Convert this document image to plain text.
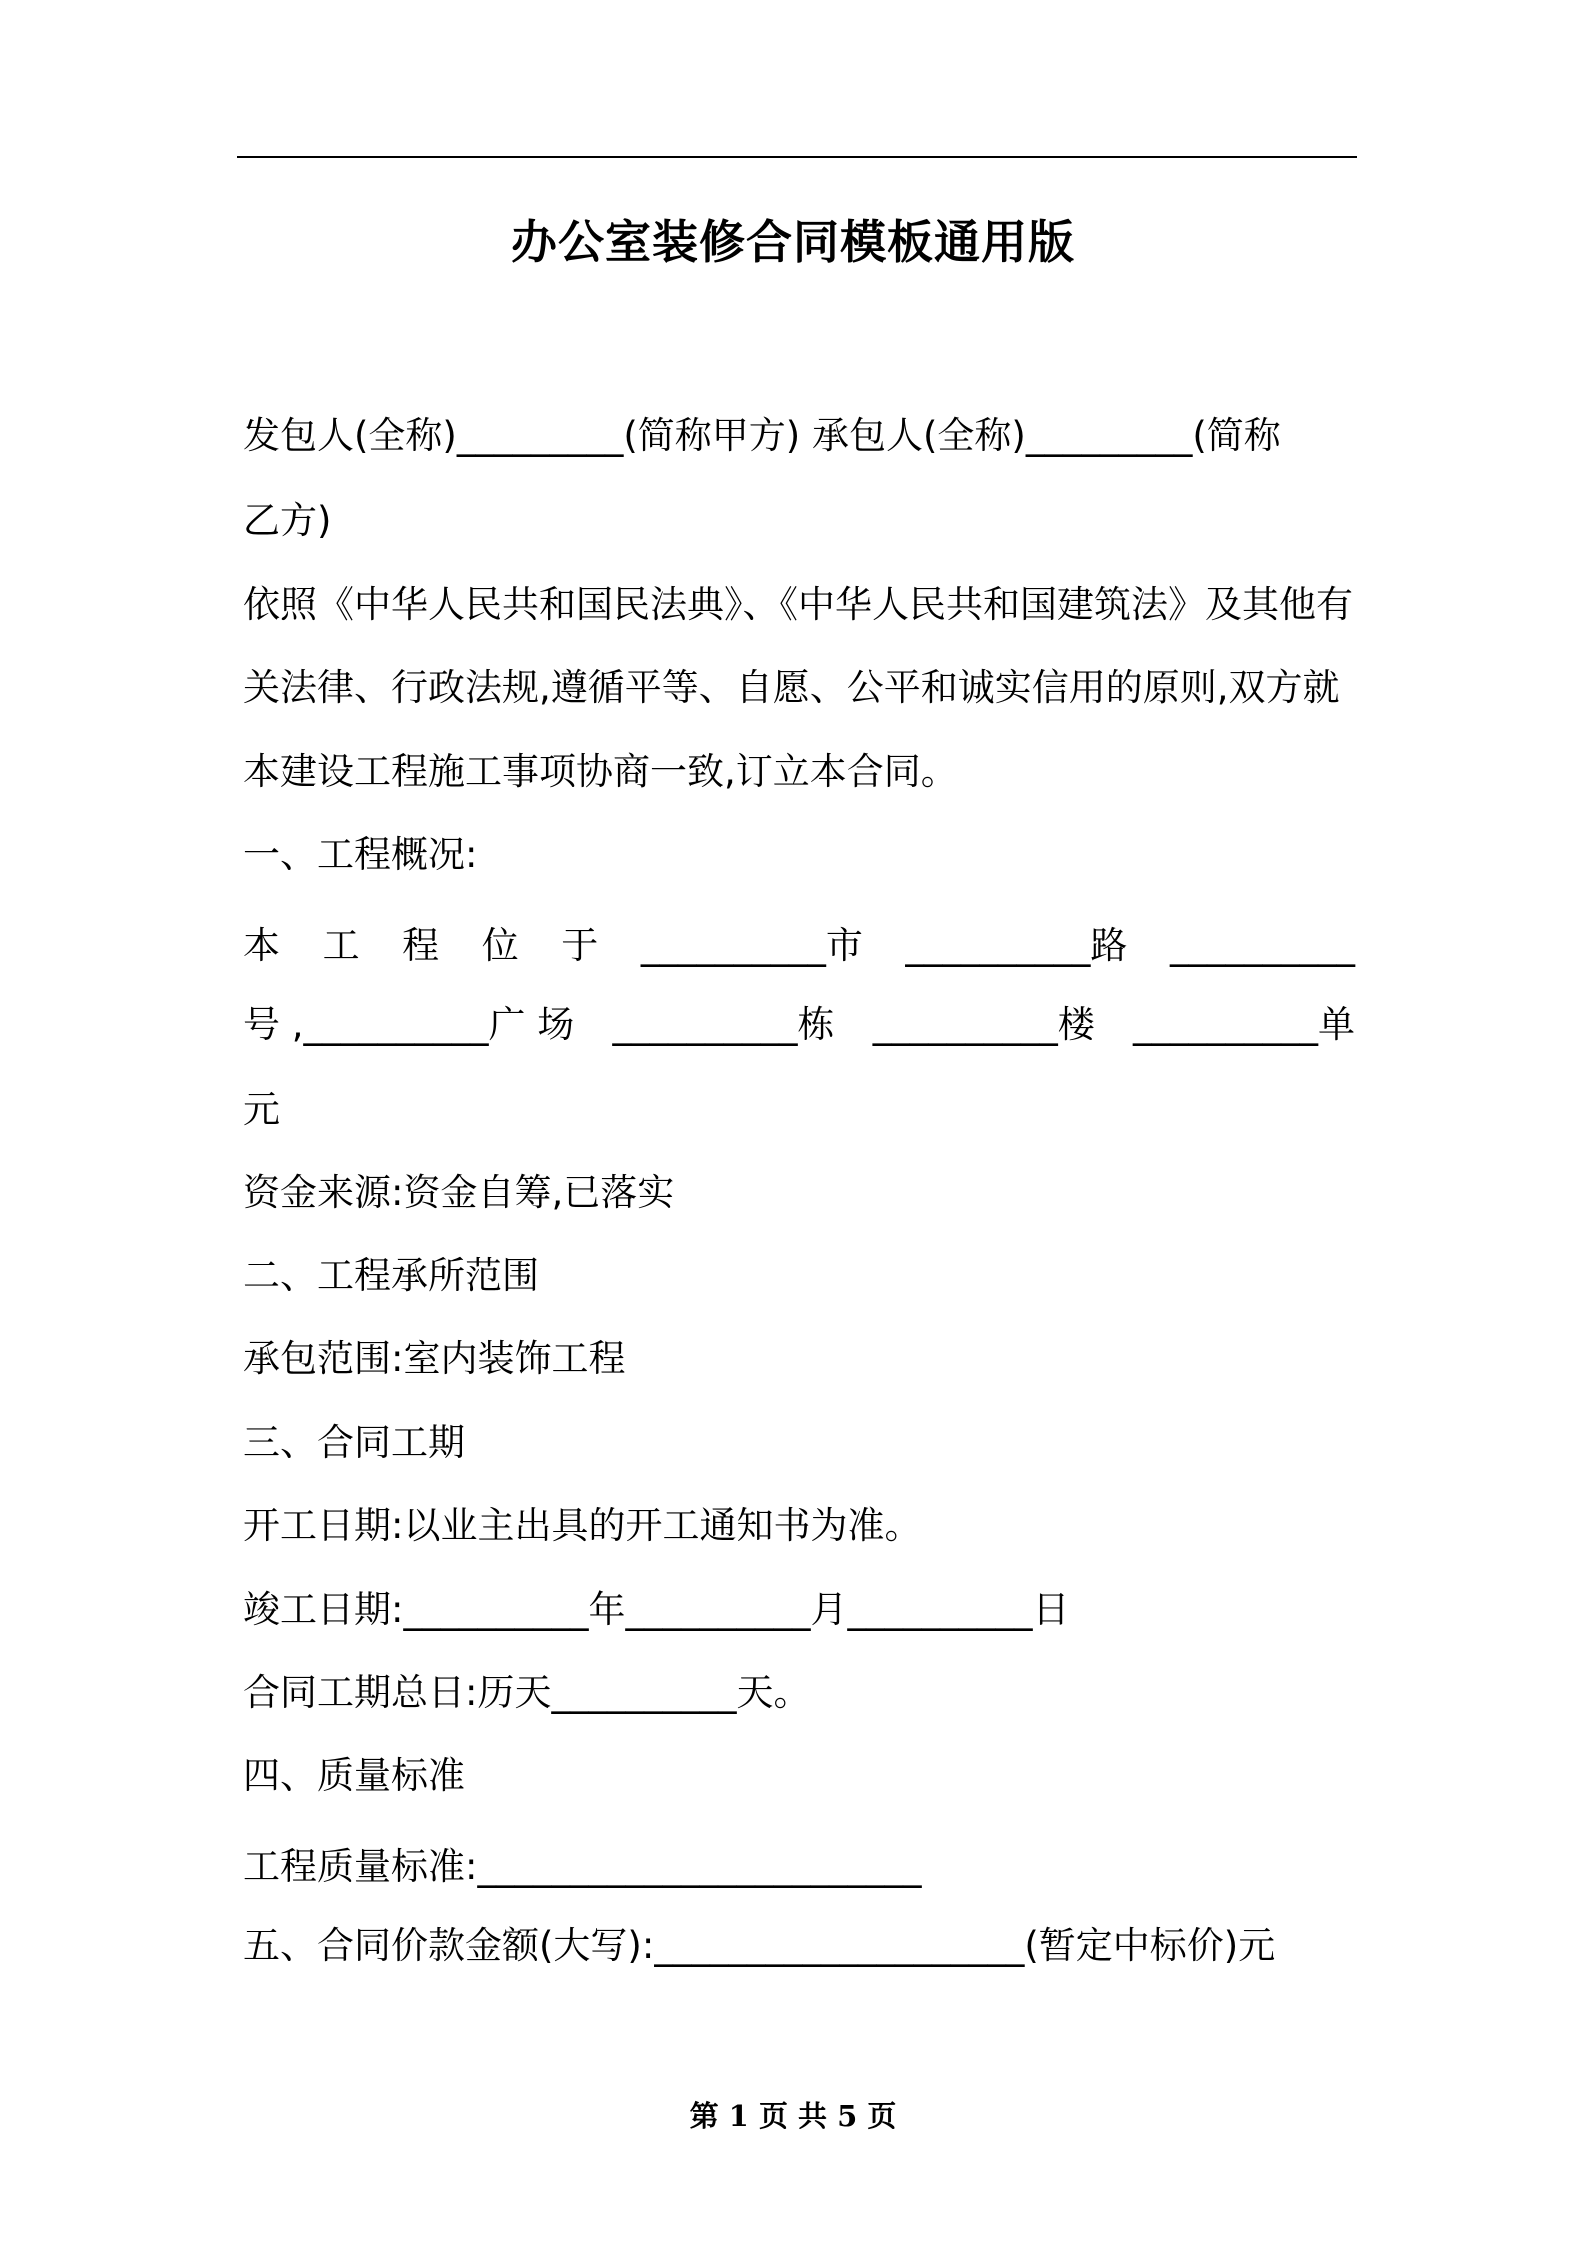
办公室装修合同模板通用版
发包人(全称)_________(简称甲方) 承包人(全称)_________(简称
乙方)
依照《中华人民共和国民法典》、《中华人民共和国建筑法》及其他有
关法律、行政法规,遵循平等、自愿、公平和诚实信用的原则,双方就
本建设工程施工事项协商一致,订立本合同。
一、工程概况:
本 工 程 位 于 __________市 __________路 __________
号 ,__________广 场 __________栋 __________楼 __________单
元
资金来源:资金自筹,已落实
二、工程承所范围
承包范围:室内装饰工程
三、合同工期
开工日期:以业主出具的开工通知书为准。
竣工日期:__________年__________月__________日
合同工期总日:历天__________天。
四、质量标准
工程质量标准:________________________
五、合同价款金额(大写):____________________(暂定中标价)元
第 1 页 共 5 页
